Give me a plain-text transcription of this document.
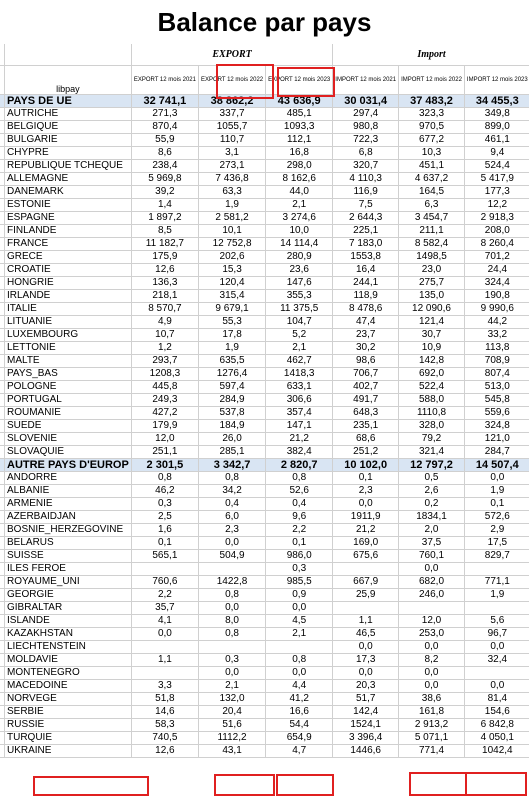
Balance par pays
		EXPORT			Import			
	libpay	EXPORT 12 mois 2021	EXPORT 12 mois 2022	EXPORT 12 mois 2023	IMPORT 12 mois 2021	IMPORT 12 mois 2022	IMPORT 12 mois 2023	
	PAYS DE UE	32 741,1	38 862,2	43 636,9	30 031,4	37 483,2	34 455,3	
	AUTRICHE	271,3	337,7	485,1	297,4	323,3	349,8	
	BELGIQUE	870,4	1055,7	1093,3	980,8	970,5	899,0	
	BULGARIE	55,9	110,7	112,1	722,3	677,2	461,1	
	CHYPRE	8,6	3,1	16,8	6,8	10,3	9,4	
	REPUBLIQUE TCHEQUE	238,4	273,1	298,0	320,7	451,1	524,4	
	ALLEMAGNE	5 969,8	7 436,8	8 162,6	4 110,3	4 637,2	5 417,9	
	DANEMARK	39,2	63,3	44,0	116,9	164,5	177,3	
	ESTONIE	1,4	1,9	2,1	7,5	6,3	12,2	
	ESPAGNE	1 897,2	2 581,2	3 274,6	2 644,3	3 454,7	2 918,3	
	FINLANDE	8,5	10,1	10,0	225,1	211,1	208,0	
	FRANCE	11 182,7	12 752,8	14 114,4	7 183,0	8 582,4	8 260,4	
	GRECE	175,9	202,6	280,9	1553,8	1498,5	701,2	
	CROATIE	12,6	15,3	23,6	16,4	23,0	24,4	
	HONGRIE	136,3	120,4	147,6	244,1	275,7	324,4	
	IRLANDE	218,1	315,4	355,3	118,9	135,0	190,8	
	ITALIE	8 570,7	9 679,1	11 375,5	8 478,6	12 090,6	9 990,6	
	LITUANIE	4,9	55,3	104,7	47,4	121,4	44,2	
	LUXEMBOURG	10,7	17,8	5,2	23,7	30,7	33,2	
	LETTONIE	1,2	1,9	2,1	30,2	10,9	113,8	
	MALTE	293,7	635,5	462,7	98,6	142,8	708,9	
	PAYS_BAS	1208,3	1276,4	1418,3	706,7	692,0	807,4	
	POLOGNE	445,8	597,4	633,1	402,7	522,4	513,0	
	PORTUGAL	249,3	284,9	306,6	491,7	588,0	545,8	
	ROUMANIE	427,2	537,8	357,4	648,3	1110,8	559,6	
	SUEDE	179,9	184,9	147,1	235,1	328,0	324,8	
	SLOVENIE	12,0	26,0	21,2	68,6	79,2	121,0	
	SLOVAQUIE	251,1	285,1	382,4	251,2	321,4	284,7	
	AUTRE PAYS D'EUROP	2 301,5	3 342,7	2 820,7	10 102,0	12 797,2	14 507,4	
	ANDORRE	0,8	0,8	0,8	0,1	0,5	0,0	
	ALBANIE	46,2	34,2	52,6	2,3	2,6	1,9	
	ARMENIE	0,3	0,4	0,4	0,0	0,2	0,1	
	AZERBAIDJAN	2,5	6,0	9,6	1911,9	1834,1	572,6	
	BOSNIE_HERZEGOVINE	1,6	2,3	2,2	21,2	2,0	2,9	
	BELARUS	0,1	0,0	0,1	169,0	37,5	17,5	
	SUISSE	565,1	504,9	986,0	675,6	760,1	829,7	
	ILES FEROE			0,3		0,0		
	ROYAUME_UNI	760,6	1422,8	985,5	667,9	682,0	771,1	
	GEORGIE	2,2	0,8	0,9	25,9	246,0	1,9	
	GIBRALTAR	35,7	0,0	0,0				
	ISLANDE	4,1	8,0	4,5	1,1	12,0	5,6	
	KAZAKHSTAN	0,0	0,8	2,1	46,5	253,0	96,7	
	LIECHTENSTEIN				0,0	0,0	0,0	
	MOLDAVIE	1,1	0,3	0,8	17,3	8,2	32,4	
	MONTENEGRO		0,0	0,0	0,0	0,0		
	MACEDOINE	3,3	2,1	4,4	20,3	0,0	0,0	
	NORVEGE	51,8	132,0	41,2	51,7	38,6	81,4	
	SERBIE	14,6	20,4	16,6	142,4	161,8	154,6	
	RUSSIE	58,3	51,6	54,4	1524,1	2 913,2	6 842,8	
	TURQUIE	740,5	1112,2	654,9	3 396,4	5 071,1	4 050,1	
	UKRAINE	12,6	43,1	4,7	1446,6	771,4	1042,4	
